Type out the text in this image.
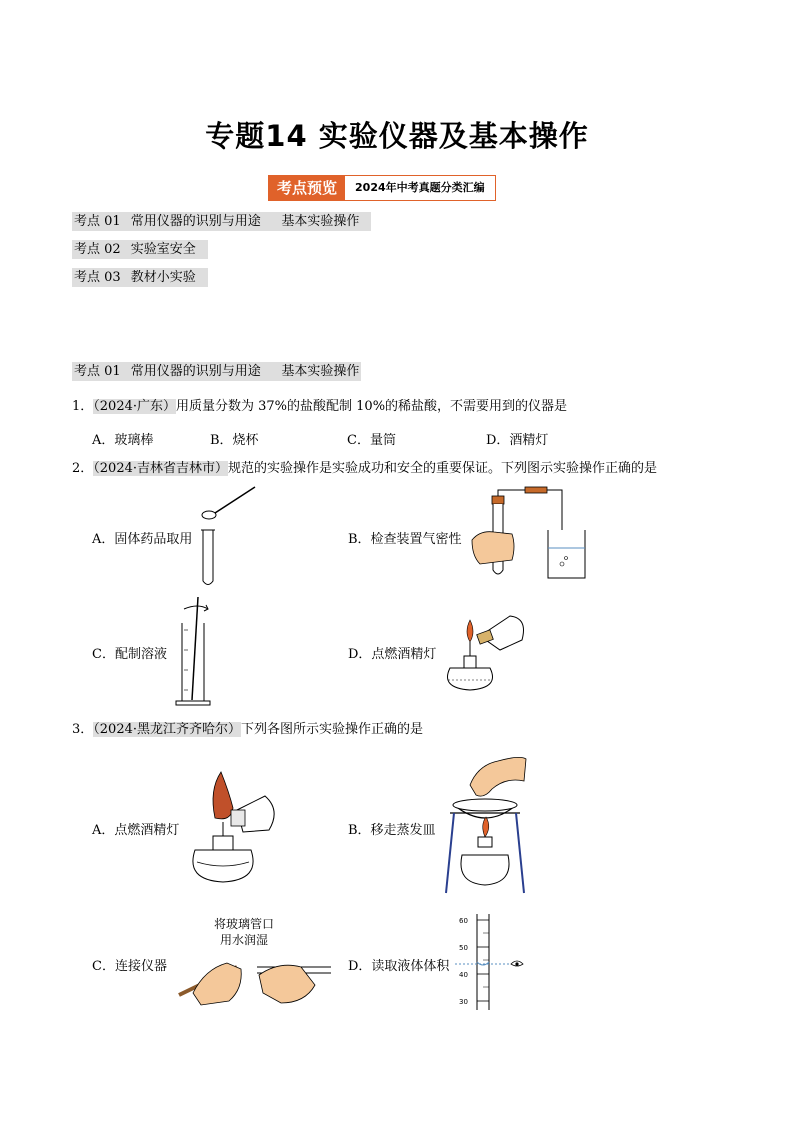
专题14 实验仪器及基本操作
考点预览	2024年中考真题分类汇编
考点 01 常用仪器的识别与用途     基本实验操作
考点 02 实验室安全
考点 03 教材小实验
考点 01 常用仪器的识别与用途     基本实验操作
1．（2024·广东）用质量分数为 37%的盐酸配制 10%的稀盐酸，不需要用到的仪器是
A．玻璃棒	B．烧杯	C．量筒	D．酒精灯
2．（2024·吉林省吉林市）规范的实验操作是实验成功和安全的重要保证。下列图示实验操作正确的是
A．固体药品取用	B．检查装置气密性
C．配制溶液	D．点燃酒精灯
3．（2024·黑龙江齐齐哈尔）下列各图所示实验操作正确的是
A．点燃酒精灯	B．移走蒸发皿
C．连接仪器	D．读取液体体积
将玻璃管口
用水润湿
60
50
40
30
